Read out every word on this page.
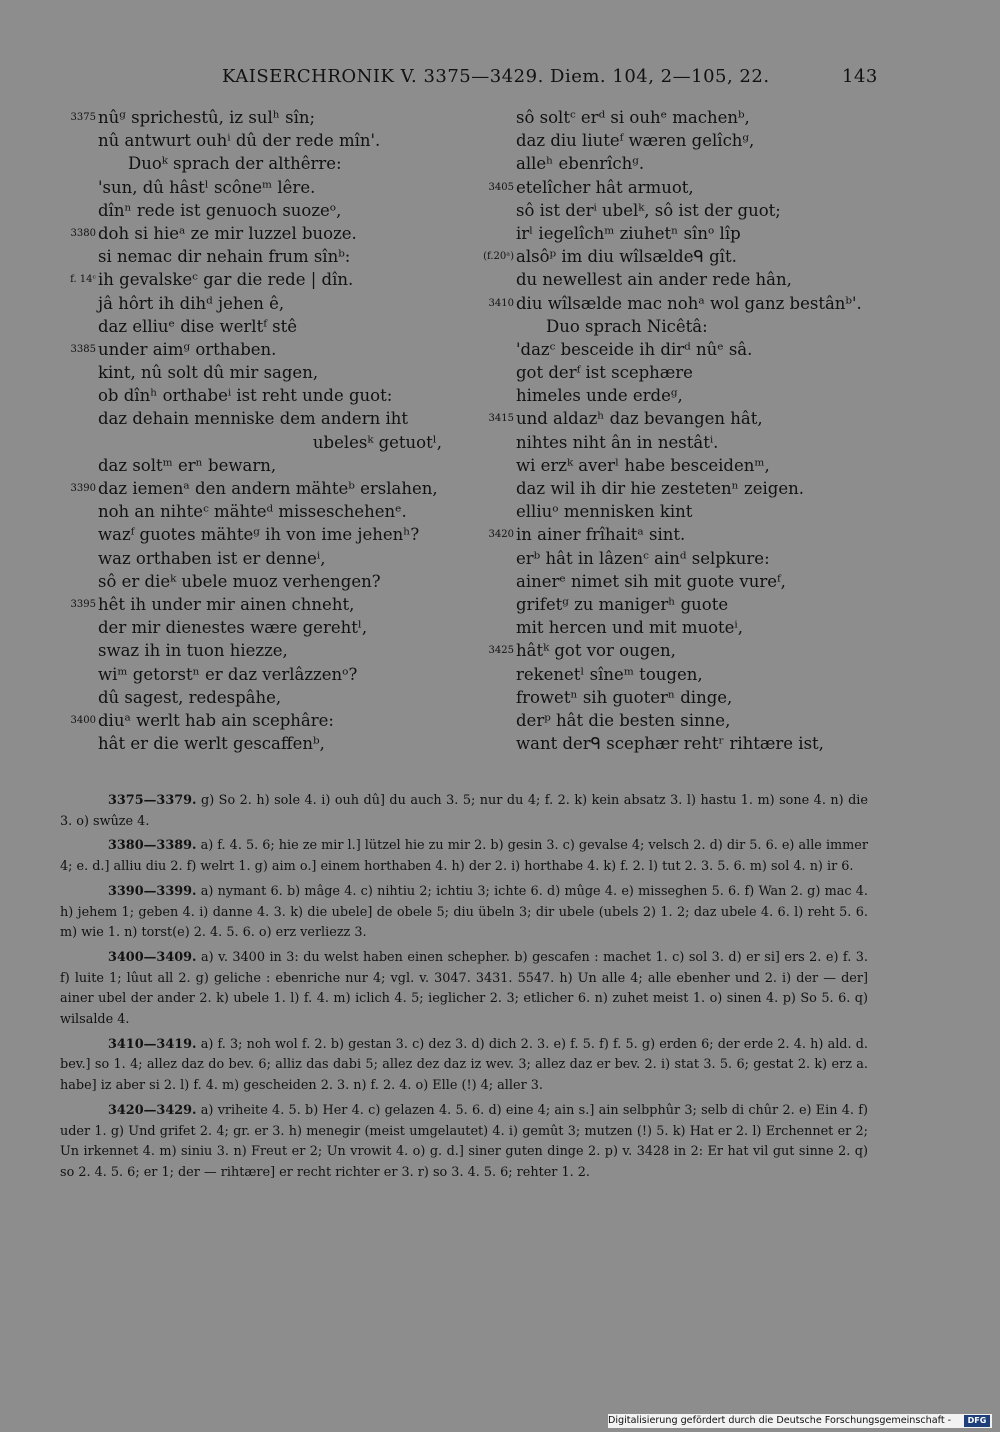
KAISERCHRONIK V. 3375—3429. Diem. 104, 2—105, 22.	143
3375 nûᵍ sprichestû, iz sulʰ sîn;
nû antwurt ouhⁱ dû der rede mîn'.
Duoᵏ sprach der althêrre:
'sun, dû hâstˡ scôneᵐ lêre.
dînⁿ rede ist genuoch suozeᵒ,
3380 doh si hieᵃ ze mir luzzel buoze.
si nemac dir nehain frum sînᵇ:
f. 14ᶜ ih gevalskeᶜ gar die rede | dîn.
jâ hôrt ih dihᵈ jehen ê,
daz elliuᵉ dise werltᶠ stê
3385 under aimᵍ orthaben.
kint, nû solt dû mir sagen,
ob dînʰ orthabeⁱ ist reht unde guot:
daz dehain menniske dem andern iht
ubelesᵏ getuotˡ,
daz soltᵐ erⁿ bewarn,
3390 daz iemenᵃ den andern mähteᵇ erslahen,
noh an nihteᶜ mähteᵈ misseschehenᵉ.
wazᶠ guotes mähteᵍ ih von ime jehenʰ?
waz orthaben ist er denneⁱ,
sô er dieᵏ ubele muoz verhengen?
3395 hêt ih under mir ainen chneht,
der mir dienestes wære gerehtˡ,
swaz ih in tuon hiezze,
wiᵐ getorstⁿ er daz verlâzzenᵒ?
dû sagest, redespâhe,
3400 diuᵃ werlt hab ain scephâre:
hât er die werlt gescaffenᵇ,
sô soltᶜ erᵈ si ouhᵉ machenᵇ,
daz diu liuteᶠ wæren gelîchᵍ,
alleʰ ebenrîchᵍ.
3405 etelîcher hât armuot,
sô ist derⁱ ubelᵏ, sô ist der guot;
irˡ iegelîchᵐ ziuhetⁿ sînᵒ lîp
(f.20ᵃ) alsôᵖ im diu wîlsældeᑫ gît.
du newellest ain ander rede hân,
3410 diu wîlsælde mac nohᵃ wol ganz bestânᵇ'.
Duo sprach Nicêtâ:
'dazᶜ besceide ih dirᵈ nûᵉ sâ.
got derᶠ ist scephære
himeles unde erdeᵍ,
3415 und aldazʰ daz bevangen hât,
nihtes niht ân in nestâtⁱ.
wi erzᵏ averˡ habe besceidenᵐ,
daz wil ih dir hie zestetenⁿ zeigen.
elliuᵒ mennisken kint
3420 in ainer frîhaitᵃ sint.
erᵇ hât in lâzenᶜ ainᵈ selpkure:
ainerᵉ nimet sih mit guote vureᶠ,
grifetᵍ zu manigerʰ guote
mit hercen und mit muoteⁱ,
3425 hâtᵏ got vor ougen,
rekenetˡ sîneᵐ tougen,
frowetⁿ sih guoterⁿ dinge,
derᵖ hât die besten sinne,
want derᑫ scephær rehtʳ rihtære ist,
3375—3379. g) So 2. h) sole 4. i) ouh dû] du auch 3. 5; nur du 4; f. 2. k) kein absatz 3. l) hastu 1. m) sone 4. n) die 3. o) swûze 4.
3380—3389. a) f. 4. 5. 6; hie ze mir l.] lützel hie zu mir 2. b) gesin 3. c) gevalse 4; velsch 2. d) dir 5. 6. e) alle immer 4; e. d.] alliu diu 2. f) welrt 1. g) aim o.] einem horthaben 4. h) der 2. i) horthabe 4. k) f. 2. l) tut 2. 3. 5. 6. m) sol 4. n) ir 6.
3390—3399. a) nymant 6. b) mâge 4. c) nihtiu 2; ichtiu 3; ichte 6. d) mûge 4. e) misseghen 5. 6. f) Wan 2. g) mac 4. h) jehem 1; geben 4. i) danne 4. 3. k) die ubele] de obele 5; diu übeln 3; dir ubele (ubels 2) 1. 2; daz ubele 4. 6. l) reht 5. 6. m) wie 1. n) torst(e) 2. 4. 5. 6. o) erz verliezz 3.
3400—3409. a) v. 3400 in 3: du welst haben einen schepher. b) gescafen : machet 1. c) sol 3. d) er si] ers 2. e) f. 3. f) luite 1; lûut all 2. g) geliche : ebenriche nur 4; vgl. v. 3047. 3431. 5547. h) Un alle 4; alle ebenher und 2. i) der — der] ainer ubel der ander 2. k) ubele 1. l) f. 4. m) iclich 4. 5; ieglicher 2. 3; etlicher 6. n) zuhet meist 1. o) sinen 4. p) So 5. 6. q) wilsalde 4.
3410—3419. a) f. 3; noh wol f. 2. b) gestan 3. c) dez 3. d) dich 2. 3. e) f. 5. f) f. 5. g) erden 6; der erde 2. 4. h) ald. d. bev.] so 1. 4; allez daz do bev. 6; alliz das dabi 5; allez dez daz iz wev. 3; allez daz er bev. 2. i) stat 3. 5. 6; gestat 2. k) erz a. habe] iz aber si 2. l) f. 4. m) gescheiden 2. 3. n) f. 2. 4. o) Elle (!) 4; aller 3.
3420—3429. a) vriheite 4. 5. b) Her 4. c) gelazen 4. 5. 6. d) eine 4; ain s.] ain selbphûr 3; selb di chûr 2. e) Ein 4. f) uder 1. g) Und grifet 2. 4; gr. er 3. h) menegir (meist umgelautet) 4. i) gemût 3; mutzen (!) 5. k) Hat er 2. l) Erchennet er 2; Un irkennet 4. m) siniu 3. n) Freut er 2; Un vrowit 4. o) g. d.] siner guten dinge 2. p) v. 3428 in 2: Er hat vil gut sinne 2. q) so 2. 4. 5. 6; er 1; der — rihtære] er recht richter er 3. r) so 3. 4. 5. 6; rehter 1. 2.
Digitalisierung gefördert durch die Deutsche Forschungsgemeinschaft -	DFG
